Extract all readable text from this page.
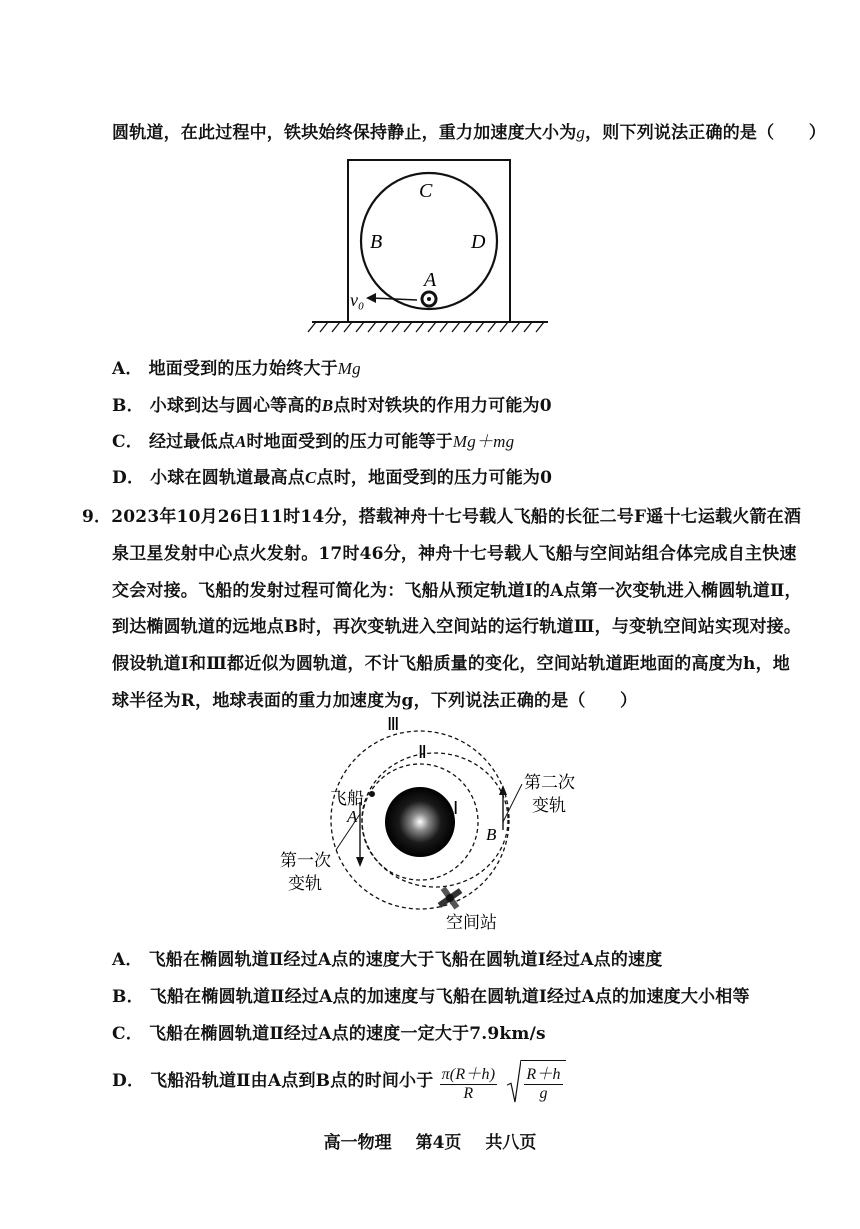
圆轨道，在此过程中，铁块始终保持静止，重力加速度大小为g，则下列说法正确的是（　　）
C
B	D
A
v₀
A． 地面受到的压力始终大于Mg
B． 小球到达与圆心等高的B点时对铁块的作用力可能为0
C． 经过最低点A时地面受到的压力可能等于Mg＋mg
D． 小球在圆轨道最高点C点时，地面受到的压力可能为0
9．2023年10月26日11时14分，搭载神舟十七号载人飞船的长征二号F遥十七运载火箭在酒
泉卫星发射中心点火发射。17时46分，神舟十七号载人飞船与空间站组合体完成自主快速
交会对接。飞船的发射过程可简化为：飞船从预定轨道Ⅰ的A点第一次变轨进入椭圆轨道Ⅱ，
到达椭圆轨道的远地点B时，再次变轨进入空间站的运行轨道Ⅲ，与变轨空间站实现对接。
假设轨道Ⅰ和Ⅲ都近似为圆轨道，不计飞船质量的变化，空间站轨道距地面的高度为h，地
球半径为R，地球表面的重力加速度为g，下列说法正确的是（　　）
Ⅲ
Ⅱ
Ⅰ
飞船
A
B
第二次
变轨
第一次
变轨
空间站
A． 飞船在椭圆轨道Ⅱ经过A点的速度大于飞船在圆轨道Ⅰ经过A点的速度
B． 飞船在椭圆轨道Ⅱ经过A点的加速度与飞船在圆轨道Ⅰ经过A点的加速度大小相等
C． 飞船在椭圆轨道Ⅱ经过A点的速度一定大于7.9km/s
D． 飞船沿轨道Ⅱ由A点到B点的时间小于 $\frac{\pi(R+h)}{R}$
$\frac{R+h}{g}$
高一物理 第4页 共八页
